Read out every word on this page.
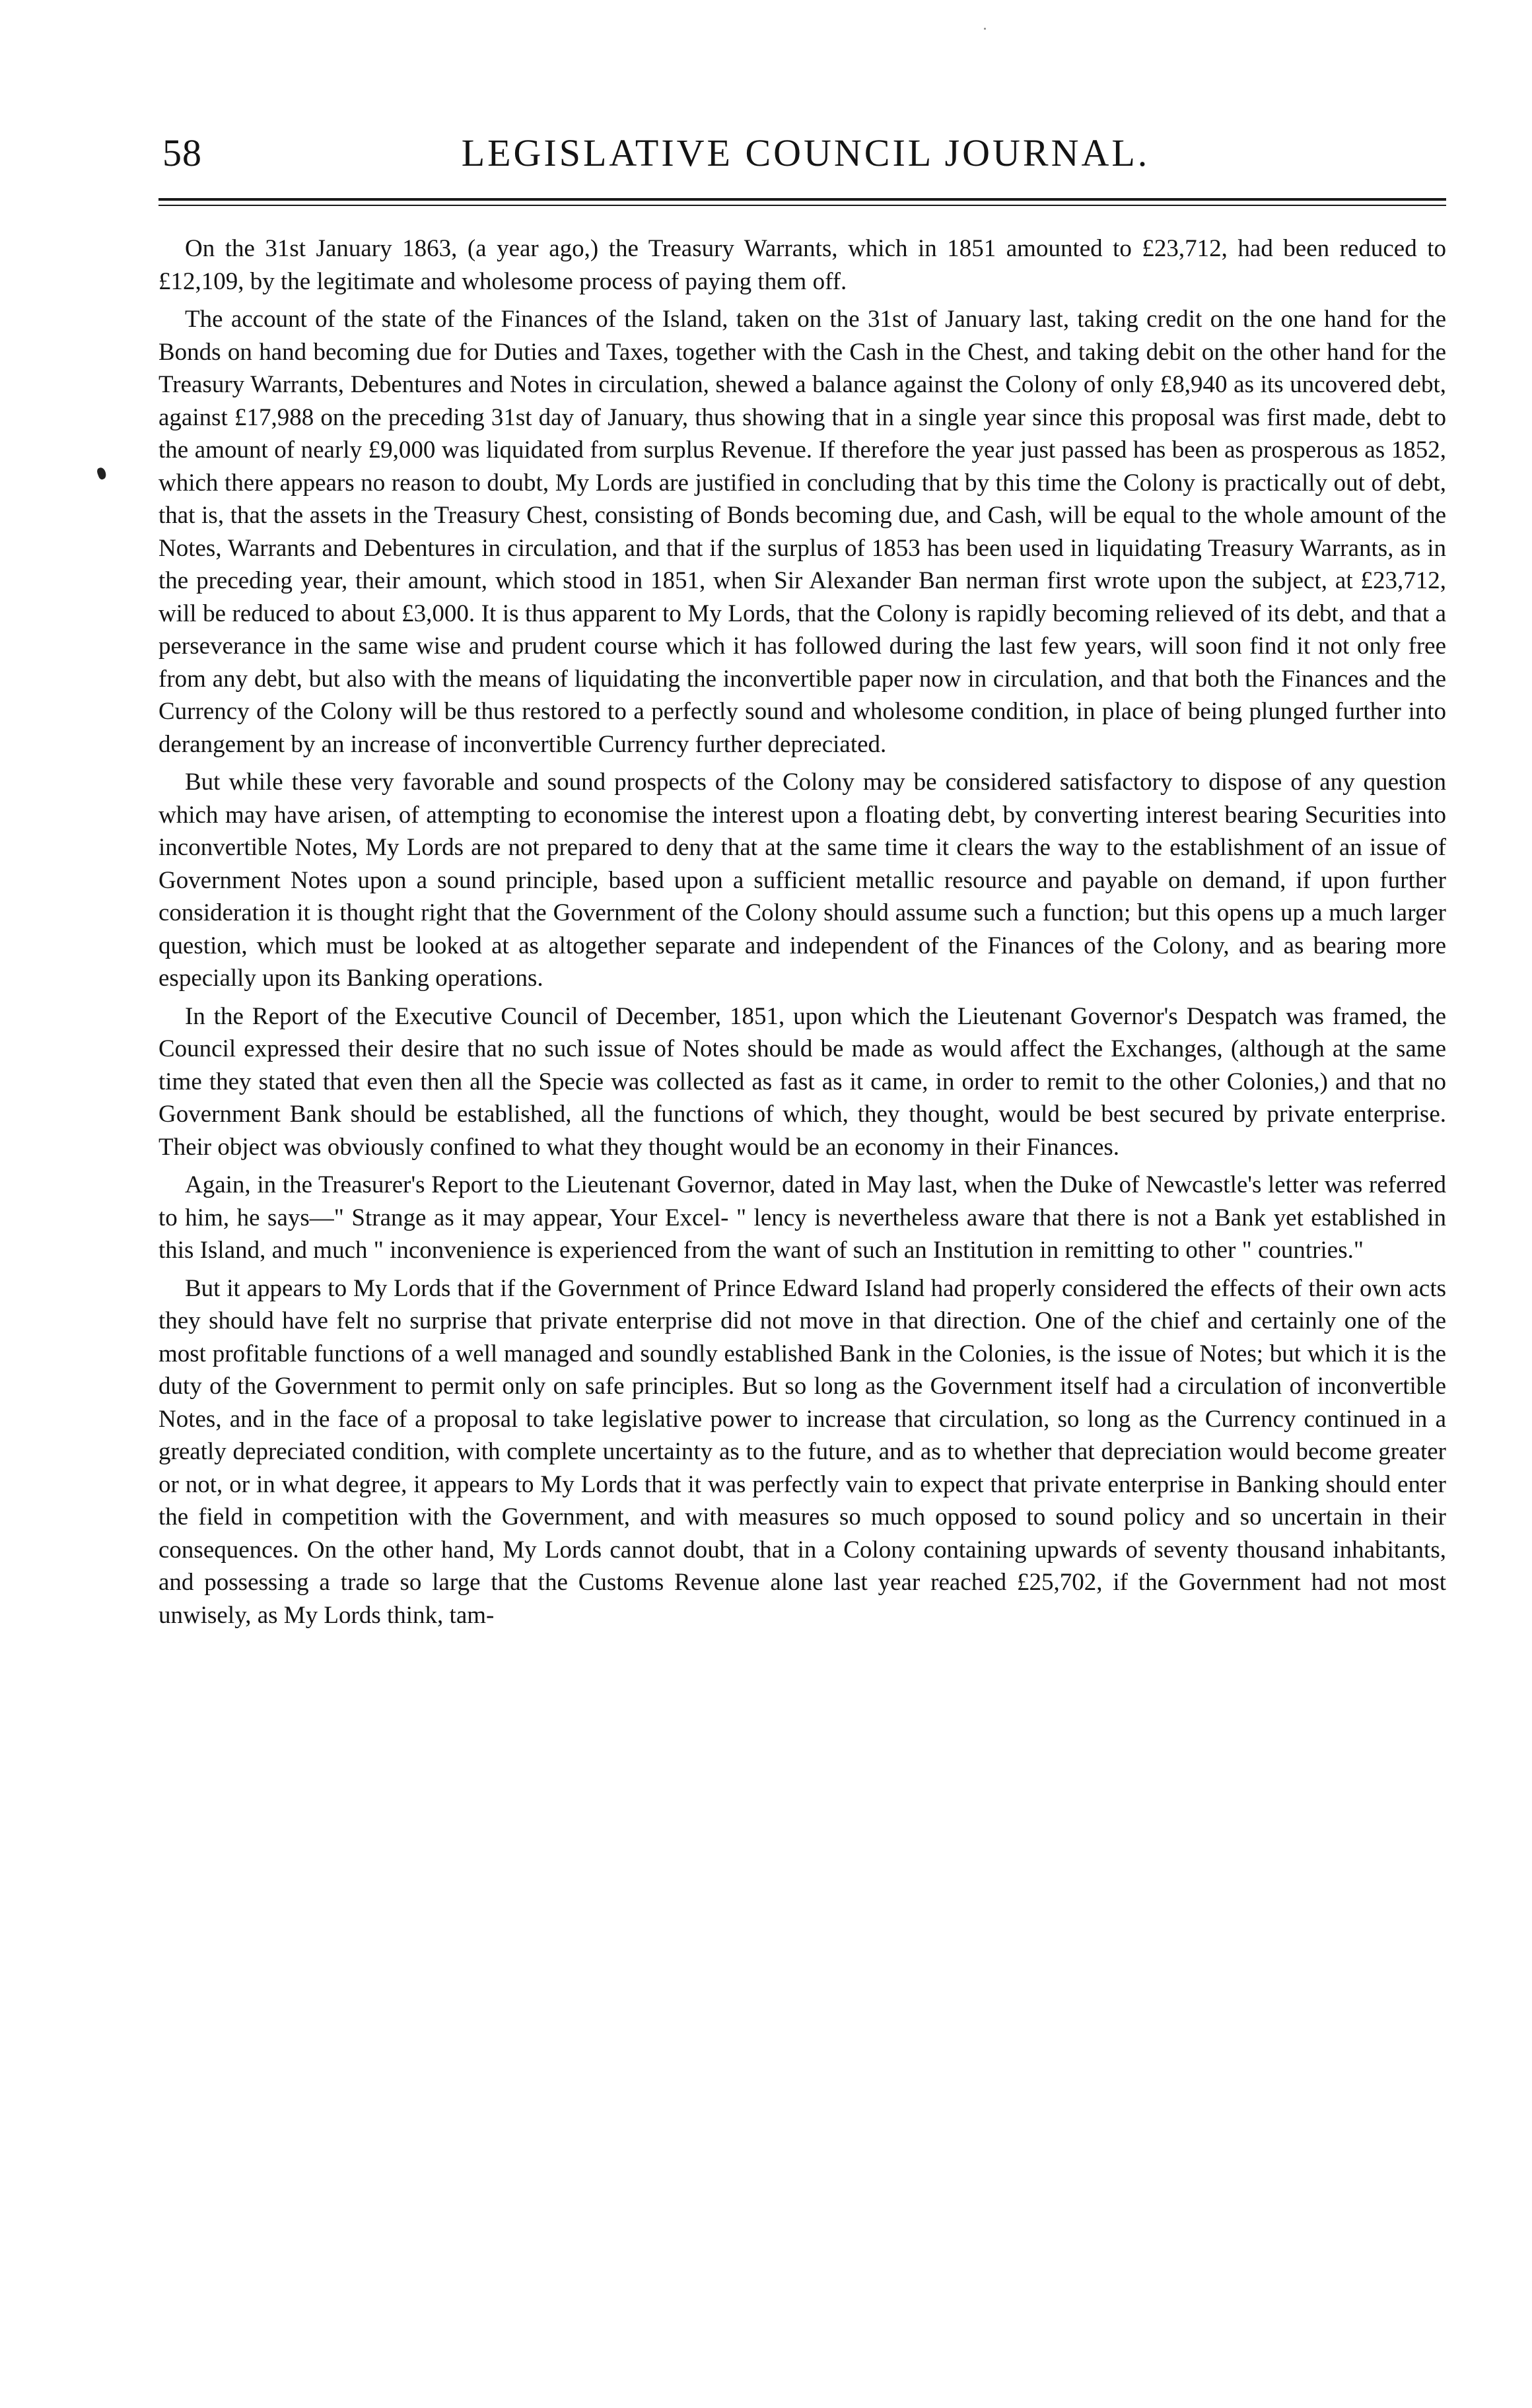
58	LEGISLATIVE COUNCIL JOURNAL.

On the 31st January 1863, (a year ago,) the Treasury Warrants, which in 1851 amounted to £23,712, had been reduced to £12,109, by the legitimate and wholesome process of paying them off.

The account of the state of the Finances of the Island, taken on the 31st of January last, taking credit on the one hand for the Bonds on hand becoming due for Duties and Taxes, together with the Cash in the Chest, and taking debit on the other hand for the Treasury Warrants, Debentures and Notes in circulation, shewed a balance against the Colony of only £8,940 as its uncovered debt, against £17,988 on the preceding 31st day of January, thus showing that in a single year since this proposal was first made, debt to the amount of nearly £9,000 was liquidated from surplus Revenue. If therefore the year just passed has been as prosperous as 1852, which there appears no reason to doubt, My Lords are justified in concluding that by this time the Colony is practically out of debt, that is, that the assets in the Treasury Chest, consisting of Bonds becoming due, and Cash, will be equal to the whole amount of the Notes, Warrants and Debentures in circulation, and that if the surplus of 1853 has been used in liquidating Treasury Warrants, as in the preceding year, their amount, which stood in 1851, when Sir Alexander Ban nerman first wrote upon the subject, at £23,712, will be reduced to about £3,000. It is thus apparent to My Lords, that the Colony is rapidly becoming relieved of its debt, and that a perseverance in the same wise and prudent course which it has followed during the last few years, will soon find it not only free from any debt, but also with the means of liquidating the inconvertible paper now in circulation, and that both the Finances and the Currency of the Colony will be thus restored to a perfectly sound and wholesome condition, in place of being plunged further into derangement by an increase of inconvertible Currency further depreciated.

But while these very favorable and sound prospects of the Colony may be considered satisfactory to dispose of any question which may have arisen, of attempting to economise the interest upon a floating debt, by converting interest bearing Securities into inconvertible Notes, My Lords are not prepared to deny that at the same time it clears the way to the establishment of an issue of Government Notes upon a sound principle, based upon a sufficient metallic resource and payable on demand, if upon further consideration it is thought right that the Government of the Colony should assume such a function; but this opens up a much larger question, which must be looked at as altogether separate and independent of the Finances of the Colony, and as bearing more especially upon its Banking operations.

In the Report of the Executive Council of December, 1851, upon which the Lieutenant Governor's Despatch was framed, the Council expressed their desire that no such issue of Notes should be made as would affect the Exchanges, (although at the same time they stated that even then all the Specie was collected as fast as it came, in order to remit to the other Colonies,) and that no Government Bank should be established, all the functions of which, they thought, would be best secured by private enterprise. Their object was obviously confined to what they thought would be an economy in their Finances.

Again, in the Treasurer's Report to the Lieutenant Governor, dated in May last, when the Duke of Newcastle's letter was referred to him, he says—" Strange as it may appear, Your Excel- " lency is nevertheless aware that there is not a Bank yet established in this Island, and much " inconvenience is experienced from the want of such an Institution in remitting to other " countries."

But it appears to My Lords that if the Government of Prince Edward Island had properly considered the effects of their own acts they should have felt no surprise that private enterprise did not move in that direction. One of the chief and certainly one of the most profitable functions of a well managed and soundly established Bank in the Colonies, is the issue of Notes; but which it is the duty of the Government to permit only on safe principles. But so long as the Government itself had a circulation of inconvertible Notes, and in the face of a proposal to take legislative power to increase that circulation, so long as the Currency continued in a greatly depreciated condition, with complete uncertainty as to the future, and as to whether that depreciation would become greater or not, or in what degree, it appears to My Lords that it was perfectly vain to expect that private enterprise in Banking should enter the field in competition with the Government, and with measures so much opposed to sound policy and so uncertain in their consequences. On the other hand, My Lords cannot doubt, that in a Colony containing upwards of seventy thousand inhabitants, and possessing a trade so large that the Customs Revenue alone last year reached £25,702, if the Government had not most unwisely, as My Lords think, tam-
